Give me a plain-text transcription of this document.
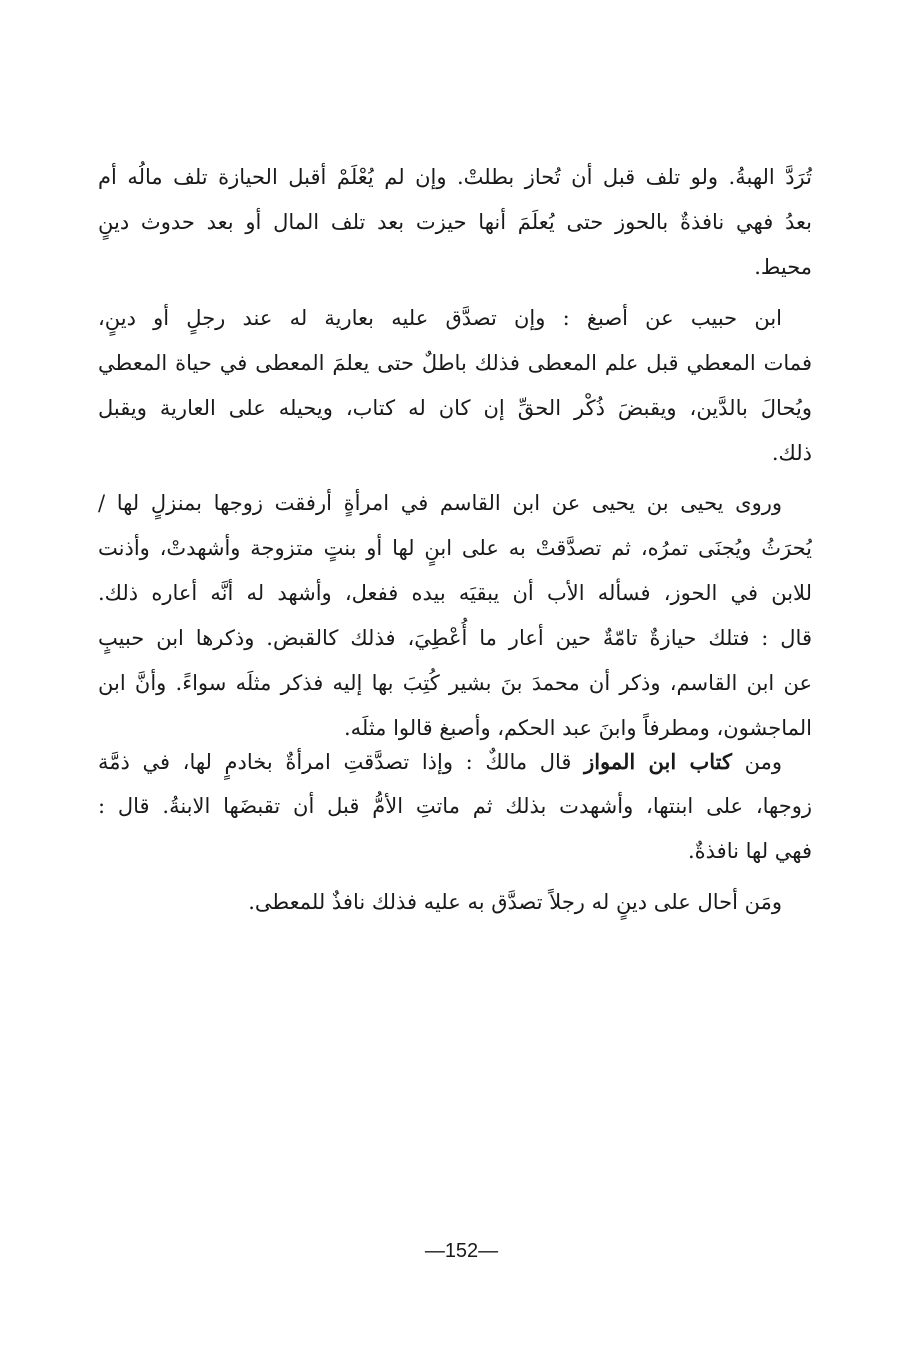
تُرَدَّ الهبةُ. ولو تلف قبل أن تُحاز بطلتْ. وإن لم يُعْلَمْ أقبل الحيازة تلف مالُه أم
بعدُ فهي نافذةٌ بالحوز حتى يُعلَمَ أنها حيزت بعد تلف المال أو بعد حدوث دينٍ
محيط.
ابن حبيب عن أصبغ : وإن تصدَّق عليه بعارية له عند رجلٍ أو دينٍ،
فمات المعطي قبل علم المعطى فذلك باطلٌ حتى يعلمَ المعطى في حياة المعطي
ويُحالَ بالدَّين، ويقبضَ ذُكْر الحقِّ إن كان له كتاب، ويحيله على العارية ويقبل
ذلك.
وروى يحيى بن يحيى عن ابن القاسم في امرأةٍ أرفقت زوجها بمنزلٍ لها /
يُحرَثُ ويُجنَى تمرُه، ثم تصدَّقتْ به على ابنٍ لها أو بنتٍ متزوجة وأشهدتْ، وأذنت
للابن في الحوز، فسأله الأب أن يبقيَه بيده ففعل، وأشهد له أنَّه أعاره ذلك.
قال : فتلك حيازةٌ تامّةٌ حين أعار ما أُعْطِيَ، فذلك كالقبض. وذكرها ابن حبيبٍ
عن ابن القاسم، وذكر أن محمدَ بنَ بشير كُتِبَ بها إليه فذكر مثلَه سواءً. وأنَّ ابن
الماجشون، ومطرفاً وابنَ عبد الحكم، وأصبغ قالوا مثلَه.
ومن كتاب ابن المواز قال مالكٌ : وإذا تصدَّقتِ امرأةٌ بخادمٍ لها، في ذمَّة
زوجها، على ابنتها، وأشهدت بذلك ثم ماتتِ الأمُّ قبل أن تقبضَها الابنةُ. قال :
فهي لها نافذةٌ.
ومَن أحال على دينٍ له رجلاً تصدَّق به عليه فذلك نافذٌ للمعطى.
—152—
